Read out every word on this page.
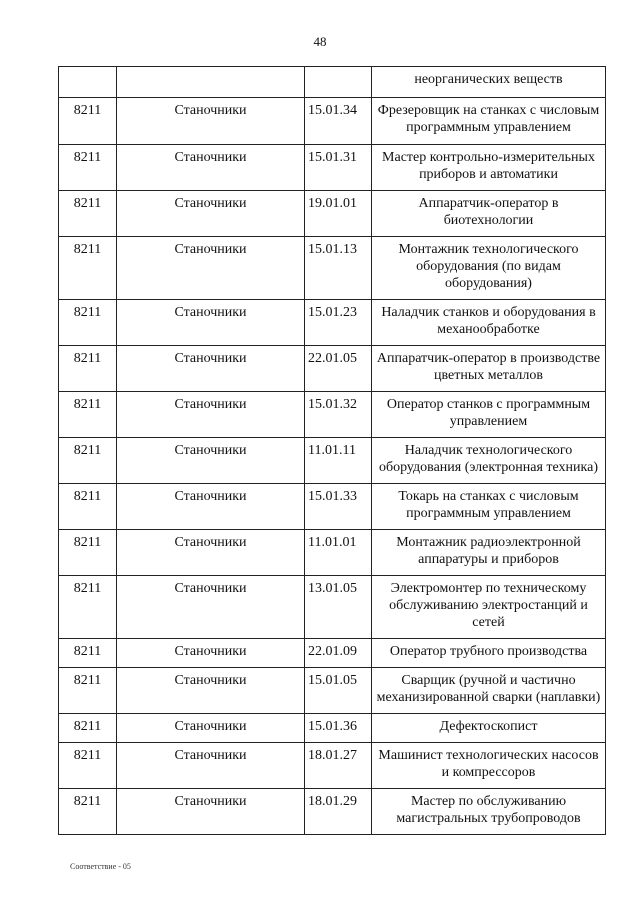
48
			неорганических веществ
8211	Станочники	15.01.34	Фрезеровщик на станках с числовым программным управлением
8211	Станочники	15.01.31	Мастер контрольно-измерительных приборов и автоматики
8211	Станочники	19.01.01	Аппаратчик-оператор в биотехнологии
8211	Станочники	15.01.13	Монтажник технологического оборудования (по видам оборудования)
8211	Станочники	15.01.23	Наладчик станков и оборудования в механообработке
8211	Станочники	22.01.05	Аппаратчик-оператор в производстве цветных металлов
8211	Станочники	15.01.32	Оператор станков с программным управлением
8211	Станочники	11.01.11	Наладчик технологического оборудования (электронная техника)
8211	Станочники	15.01.33	Токарь на станках с числовым программным управлением
8211	Станочники	11.01.01	Монтажник радиоэлектронной аппаратуры и приборов
8211	Станочники	13.01.05	Электромонтер по техническому обслуживанию электростанций и сетей
8211	Станочники	22.01.09	Оператор трубного производства
8211	Станочники	15.01.05	Сварщик (ручной и частично механизированной сварки (наплавки)
8211	Станочники	15.01.36	Дефектоскопист
8211	Станочники	18.01.27	Машинист технологических насосов и компрессоров
8211	Станочники	18.01.29	Мастер по обслуживанию магистральных трубопроводов
Соответствие - 05
